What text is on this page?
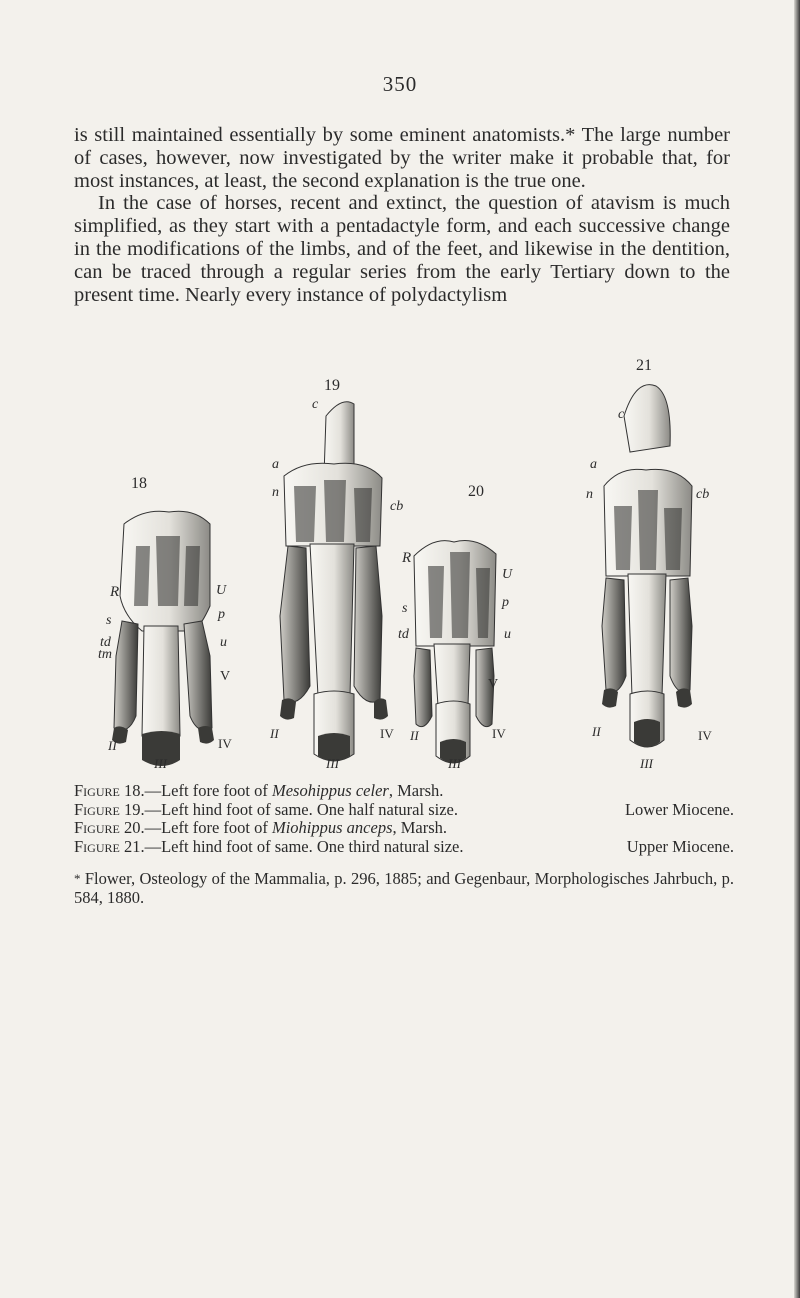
350

is still maintained essentially by some eminent anatomists.* The large number of cases, however, now investigated by the writer make it probable that, for most instances, at least, the second explanation is the true one.

In the case of horses, recent and extinct, the question of atavism is much simplified, as they start with a pentadactyle form, and each successive change in the modifications of the limbs, and of the feet, and likewise in the dentition, can be traced through a regular series from the early Tertiary down to the present time. Nearly every instance of polydactylism

18
R
s
td
tm
U
p
u
V
II
III
IV
19
c
a
n
cb
II
III
IV
20
R
s
td
U
p
u
V
II
III
IV
21
c
a
n	cb
II
III
IV
Figure 18.—Left fore foot of Mesohippus celer, Marsh.
Figure 19.—Left hind foot of same. One half natural size.	Lower Miocene.
Figure 20.—Left fore foot of Miohippus anceps, Marsh.
Figure 21.—Left hind foot of same. One third natural size.	Upper Miocene.
* Flower, Osteology of the Mammalia, p. 296, 1885; and Gegenbaur, Morphologisches Jahrbuch, p. 584, 1880.
